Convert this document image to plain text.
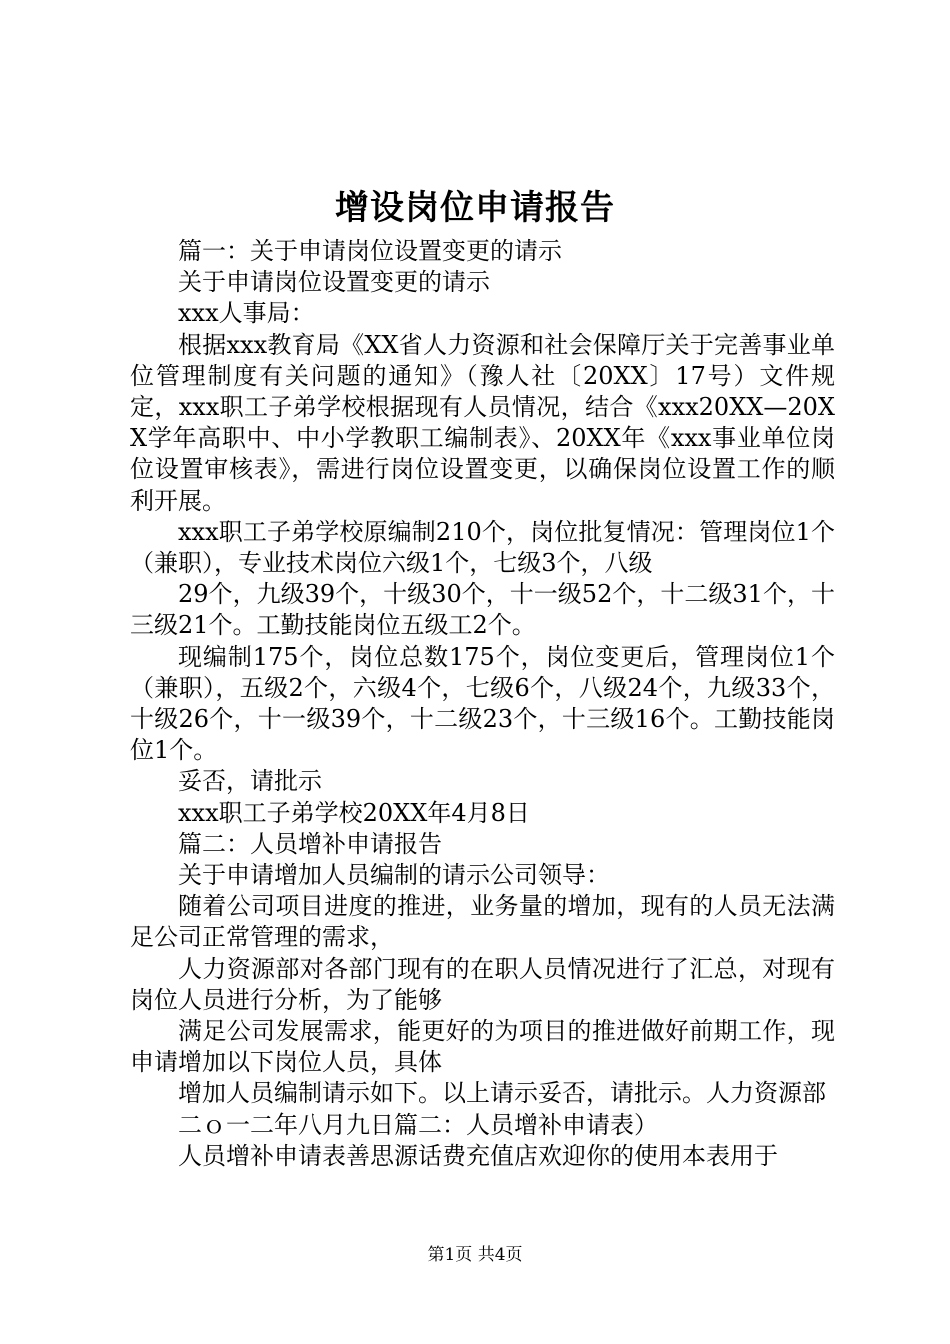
增设岗位申请报告

篇一：关于申请岗位设置变更的请示

关于申请岗位设置变更的请示

xxx人事局：

根据xxx教育局《XX省人力资源和社会保障厅关于完善事业单位管理制度有关问题的通知》（豫人社〔20XX〕17号）文件规定，xxx职工子弟学校根据现有人员情况，结合《xxx20XX—20XX学年高职中、中小学教职工编制表》、20XX年《xxx事业单位岗位设置审核表》，需进行岗位设置变更，以确保岗位设置工作的顺利开展。

xxx职工子弟学校原编制210个，岗位批复情况：管理岗位1个（兼职），专业技术岗位六级1个，七级3个，八级

29个，九级39个，十级30个，十一级52个，十二级31个，十三级21个。工勤技能岗位五级工2个。

现编制175个，岗位总数175个，岗位变更后，管理岗位1个（兼职），五级2个，六级4个，七级6个，八级24个，九级33个，十级26个，十一级39个，十二级23个，十三级16个。工勤技能岗位1个。

妥否，请批示

xxx职工子弟学校20XX年4月8日

篇二：人员增补申请报告

关于申请增加人员编制的请示公司领导：

随着公司项目进度的推进，业务量的增加，现有的人员无法满足公司正常管理的需求，

人力资源部对各部门现有的在职人员情况进行了汇总，对现有岗位人员进行分析，为了能够

满足公司发展需求，能更好的为项目的推进做好前期工作，现申请增加以下岗位人员，具体

增加人员编制请示如下。以上请示妥否，请批示。人力资源部

二ｏ一二年八月九日篇二：人员增补申请表）

人员增补申请表善思源话费充值店欢迎你的使用本表用于

第1页 共4页
